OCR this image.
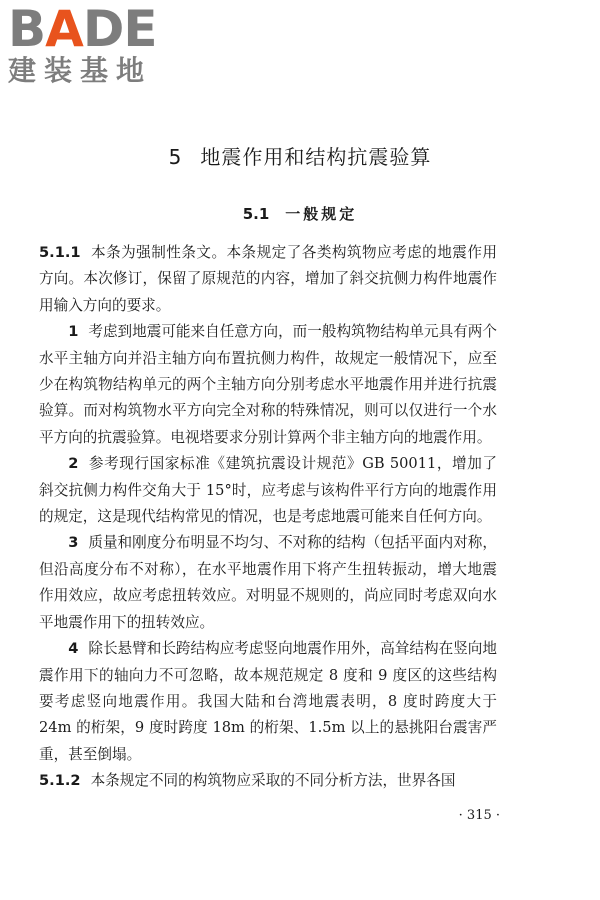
BADE
建装基地
5 地震作用和结构抗震验算
5.1 一般规定

5.1.1 本条为强制性条文。本条规定了各类构筑物应考虑的地震作用方向。本次修订，保留了原规范的内容，增加了斜交抗侧力构件地震作用输入方向的要求。

1 考虑到地震可能来自任意方向，而一般构筑物结构单元具有两个水平主轴方向并沿主轴方向布置抗侧力构件，故规定一般情况下，应至少在构筑物结构单元的两个主轴方向分别考虑水平地震作用并进行抗震验算。而对构筑物水平方向完全对称的特殊情况，则可以仅进行一个水平方向的抗震验算。电视塔要求分别计算两个非主轴方向的地震作用。

2 参考现行国家标准《建筑抗震设计规范》GB 50011，增加了斜交抗侧力构件交角大于 15°时，应考虑与该构件平行方向的地震作用的规定，这是现代结构常见的情况，也是考虑地震可能来自任何方向。

3 质量和刚度分布明显不均匀、不对称的结构（包括平面内对称，但沿高度分布不对称），在水平地震作用下将产生扭转振动，增大地震作用效应，故应考虑扭转效应。对明显不规则的，尚应同时考虑双向水平地震作用下的扭转效应。

4 除长悬臂和长跨结构应考虑竖向地震作用外，高耸结构在竖向地震作用下的轴向力不可忽略，故本规范规定 8 度和 9 度区的这些结构要考虑竖向地震作用。我国大陆和台湾地震表明，8 度时跨度大于 24m 的桁架，9 度时跨度 18m 的桁架、1.5m 以上的悬挑阳台震害严重，甚至倒塌。

5.1.2 本条规定不同的构筑物应采取的不同分析方法，世界各国

· 315 ·
